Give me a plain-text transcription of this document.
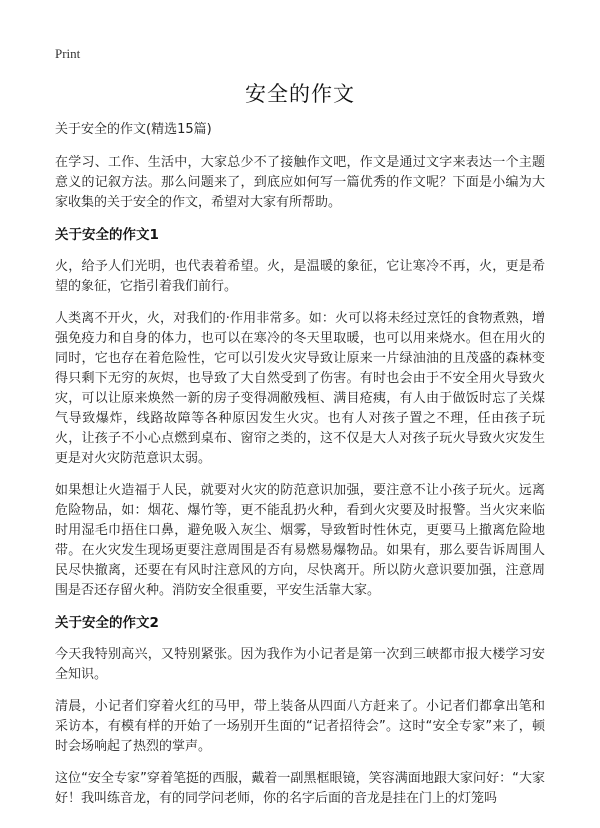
Print
安全的作文

关于安全的作文(精选15篇)

在学习、工作、生活中，大家总少不了接触作文吧，作文是通过文字来表达一个主题意义的记叙方法。那么问题来了，到底应如何写一篇优秀的作文呢？下面是小编为大家收集的关于安全的作文，希望对大家有所帮助。

关于安全的作文1

火，给予人们光明，也代表着希望。火，是温暖的象征，它让寒冷不再，火，更是希望的象征，它指引着我们前行。

人类离不开火，火，对我们的·作用非常多。如：火可以将未经过烹饪的食物煮熟，增强免疫力和自身的体力，也可以在寒冷的冬天里取暖，也可以用来烧水。但在用火的同时，它也存在着危险性，它可以引发火灾导致让原来一片绿油油的且茂盛的森林变得只剩下无穷的灰烬，也导致了大自然受到了伤害。有时也会由于不安全用火导致火灾，可以让原来焕然一新的房子变得凋敝残桓、满目疮痍，有人由于做饭时忘了关煤气导致爆炸，线路故障等各种原因发生火灾。也有人对孩子置之不理，任由孩子玩火，让孩子不小心点燃到桌布、窗帘之类的，这不仅是大人对孩子玩火导致火灾发生更是对火灾防范意识太弱。

如果想让火造福于人民，就要对火灾的防范意识加强，要注意不让小孩子玩火。远离危险物品，如：烟花、爆竹等，更不能乱扔火种，看到火灾要及时报警。当火灾来临时用湿毛巾捂住口鼻，避免吸入灰尘、烟雾，导致暂时性休克，更要马上撤离危险地带。在火灾发生现场更要注意周围是否有易燃易爆物品。如果有，那么要告诉周围人民尽快撤离，还要在有风时注意风的方向，尽快离开。所以防火意识要加强，注意周围是否还存留火种。消防安全很重要，平安生活靠大家。

关于安全的作文2

今天我特别高兴，又特别紧张。因为我作为小记者是第一次到三峡都市报大楼学习安全知识。

清晨，小记者们穿着火红的马甲，带上装备从四面八方赶来了。小记者们都拿出笔和采访本，有模有样的开始了一场别开生面的“记者招待会”。这时“安全专家”来了，顿时会场响起了热烈的掌声。

这位“安全专家”穿着笔挺的西服，戴着一副黑框眼镜，笑容满面地跟大家问好：“大家好！我叫练音龙，有的同学问老师，你的名字后面的音龙是挂在门上的灯笼吗
